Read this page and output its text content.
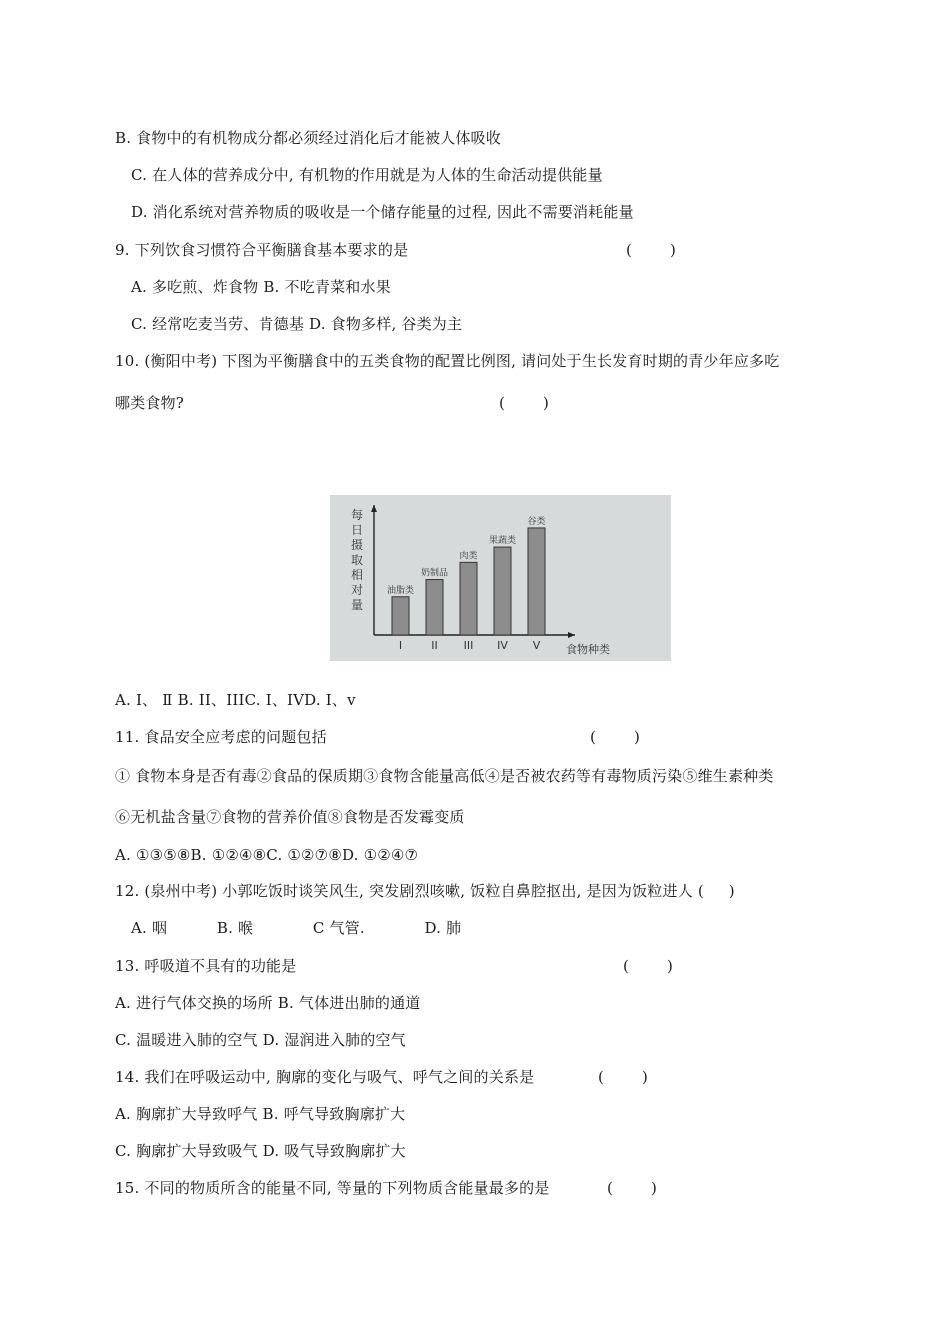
B. 食物中的有机物成分都必须经过消化后才能被人体吸收
C. 在人体的营养成分中, 有机物的作用就是为人体的生命活动提供能量
D. 消化系统对营养物质的吸收是一个储存能量的过程, 因此不需要消耗能量
9. 下列饮食习惯符合平衡膳食基本要求的是	(        )
A. 多吃煎、炸食物 B. 不吃青菜和水果
C. 经常吃麦当劳、肯德基 D. 食物多样, 谷类为主
10. (衡阳中考) 下图为平衡膳食中的五类食物的配置比例图, 请问处于生长发育时期的青少年应多吃
哪类食物?	(        )
每
日
摄
取
相
对
量
食物种类
油脂类
I
奶制品
II
肉类
III
果蔬类
IV
谷类
V
A. I、 Ⅱ B. II、IIIC. I、IVD. I、v
11. 食品安全应考虑的问题包括	(        )
① 食物本身是否有毒②食品的保质期③食物含能量高低④是否被农药等有毒物质污染⑤维生素种类
⑥无机盐含量⑦食物的营养价值⑧食物是否发霉变质
A. ①③⑤⑧B. ①②④⑧C. ①②⑦⑧D. ①②④⑦
12. (泉州中考) 小郭吃饭时谈笑风生, 突发剧烈咳嗽, 饭粒自鼻腔抠出, 是因为饭粒进人 (     )
A. 咽          B. 喉            C 气管.            D. 肺
13. 呼吸道不具有的功能是	(        )
A. 进行气体交换的场所 B. 气体进出肺的通道
C. 温暖进入肺的空气 D. 湿润进入肺的空气
14. 我们在呼吸运动中, 胸廓的变化与吸气、呼气之间的关系是	(        )
A. 胸廓扩大导致呼气 B. 呼气导致胸廓扩大
C. 胸廓扩大导致吸气 D. 吸气导致胸廓扩大
15. 不同的物质所含的能量不同, 等量的下列物质含能量最多的是	(        )
